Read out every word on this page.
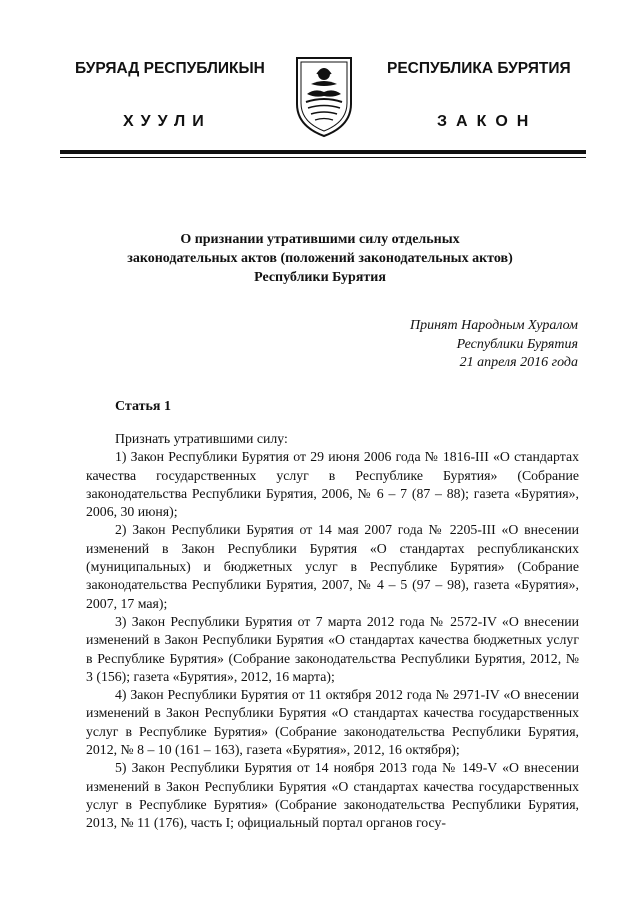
БУРЯАД РЕСПУБЛИКЫН
ХУУЛИ
РЕСПУБЛИКА БУРЯТИЯ
ЗАКОН
О признании утратившими силу отдельных
законодательных актов (положений законодательных актов)
Республики Бурятия
Принят Народным Хуралом
Республики Бурятия
21 апреля 2016 года
Статья 1

Признать утратившими силу:

1) Закон Республики Бурятия от 29 июня 2006 года № 1816-III «О стандартах качества государственных услуг в Республике Бурятия» (Собрание законодательства Республики Бурятия, 2006, № 6 – 7 (87 – 88); газета «Бурятия», 2006, 30 июня);

2) Закон Республики Бурятия от 14 мая 2007 года № 2205-III «О внесении изменений в Закон Республики Бурятия «О стандартах республиканских (муниципальных) и бюджетных услуг в Республике Бурятия» (Собрание законодательства Республики Бурятия, 2007, № 4 – 5 (97 – 98), газета «Бурятия», 2007, 17 мая);

3) Закон Республики Бурятия от 7 марта 2012 года № 2572-IV «О внесении изменений в Закон Республики Бурятия «О стандартах качества бюджетных услуг в Республике Бурятия» (Собрание законодательства Республики Бурятия, 2012, № 3 (156); газета «Бурятия», 2012, 16 марта);

4) Закон Республики Бурятия от 11 октября 2012 года № 2971-IV «О внесении изменений в Закон Республики Бурятия «О стандартах качества государственных услуг в Республике Бурятия» (Собрание законодательства Республики Бурятия, 2012, № 8 – 10 (161 – 163), газета «Бурятия», 2012, 16 октября);

5) Закон Республики Бурятия от 14 ноября 2013 года № 149-V «О внесении изменений в Закон Республики Бурятия «О стандартах качества государственных услуг в Республике Бурятия» (Собрание законодательства Республики Бурятия, 2013, № 11 (176), часть I; официальный портал органов госу-
